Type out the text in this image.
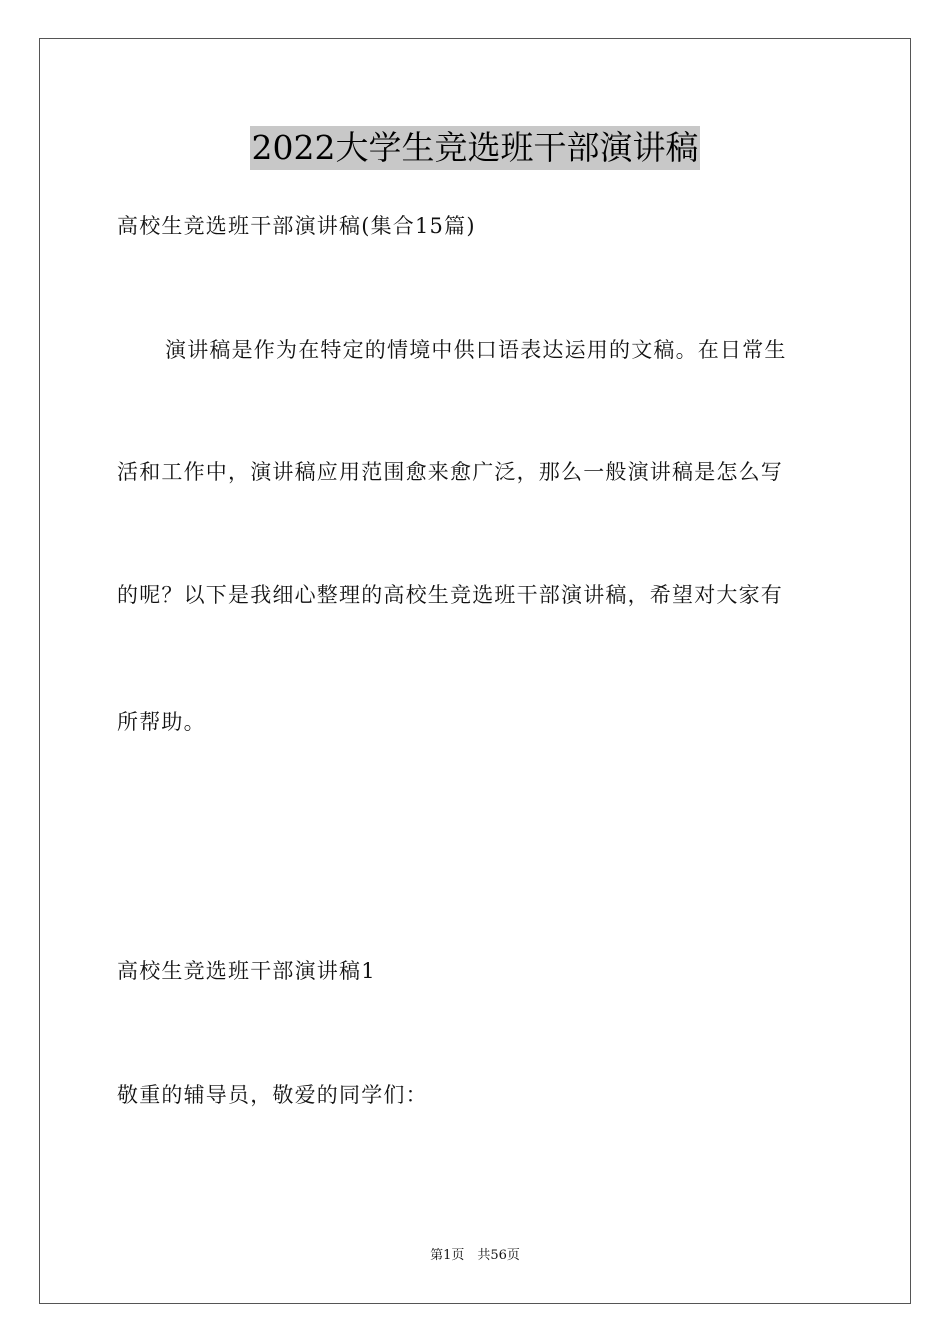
2022大学生竞选班干部演讲稿
高校生竞选班干部演讲稿(集合15篇)
演讲稿是作为在特定的情境中供口语表达运用的文稿。在日常生
活和工作中，演讲稿应用范围愈来愈广泛，那么一般演讲稿是怎么写
的呢？以下是我细心整理的高校生竞选班干部演讲稿，希望对大家有
所帮助。
高校生竞选班干部演讲稿1
敬重的辅导员，敬爱的同学们：
第1页　共56页
